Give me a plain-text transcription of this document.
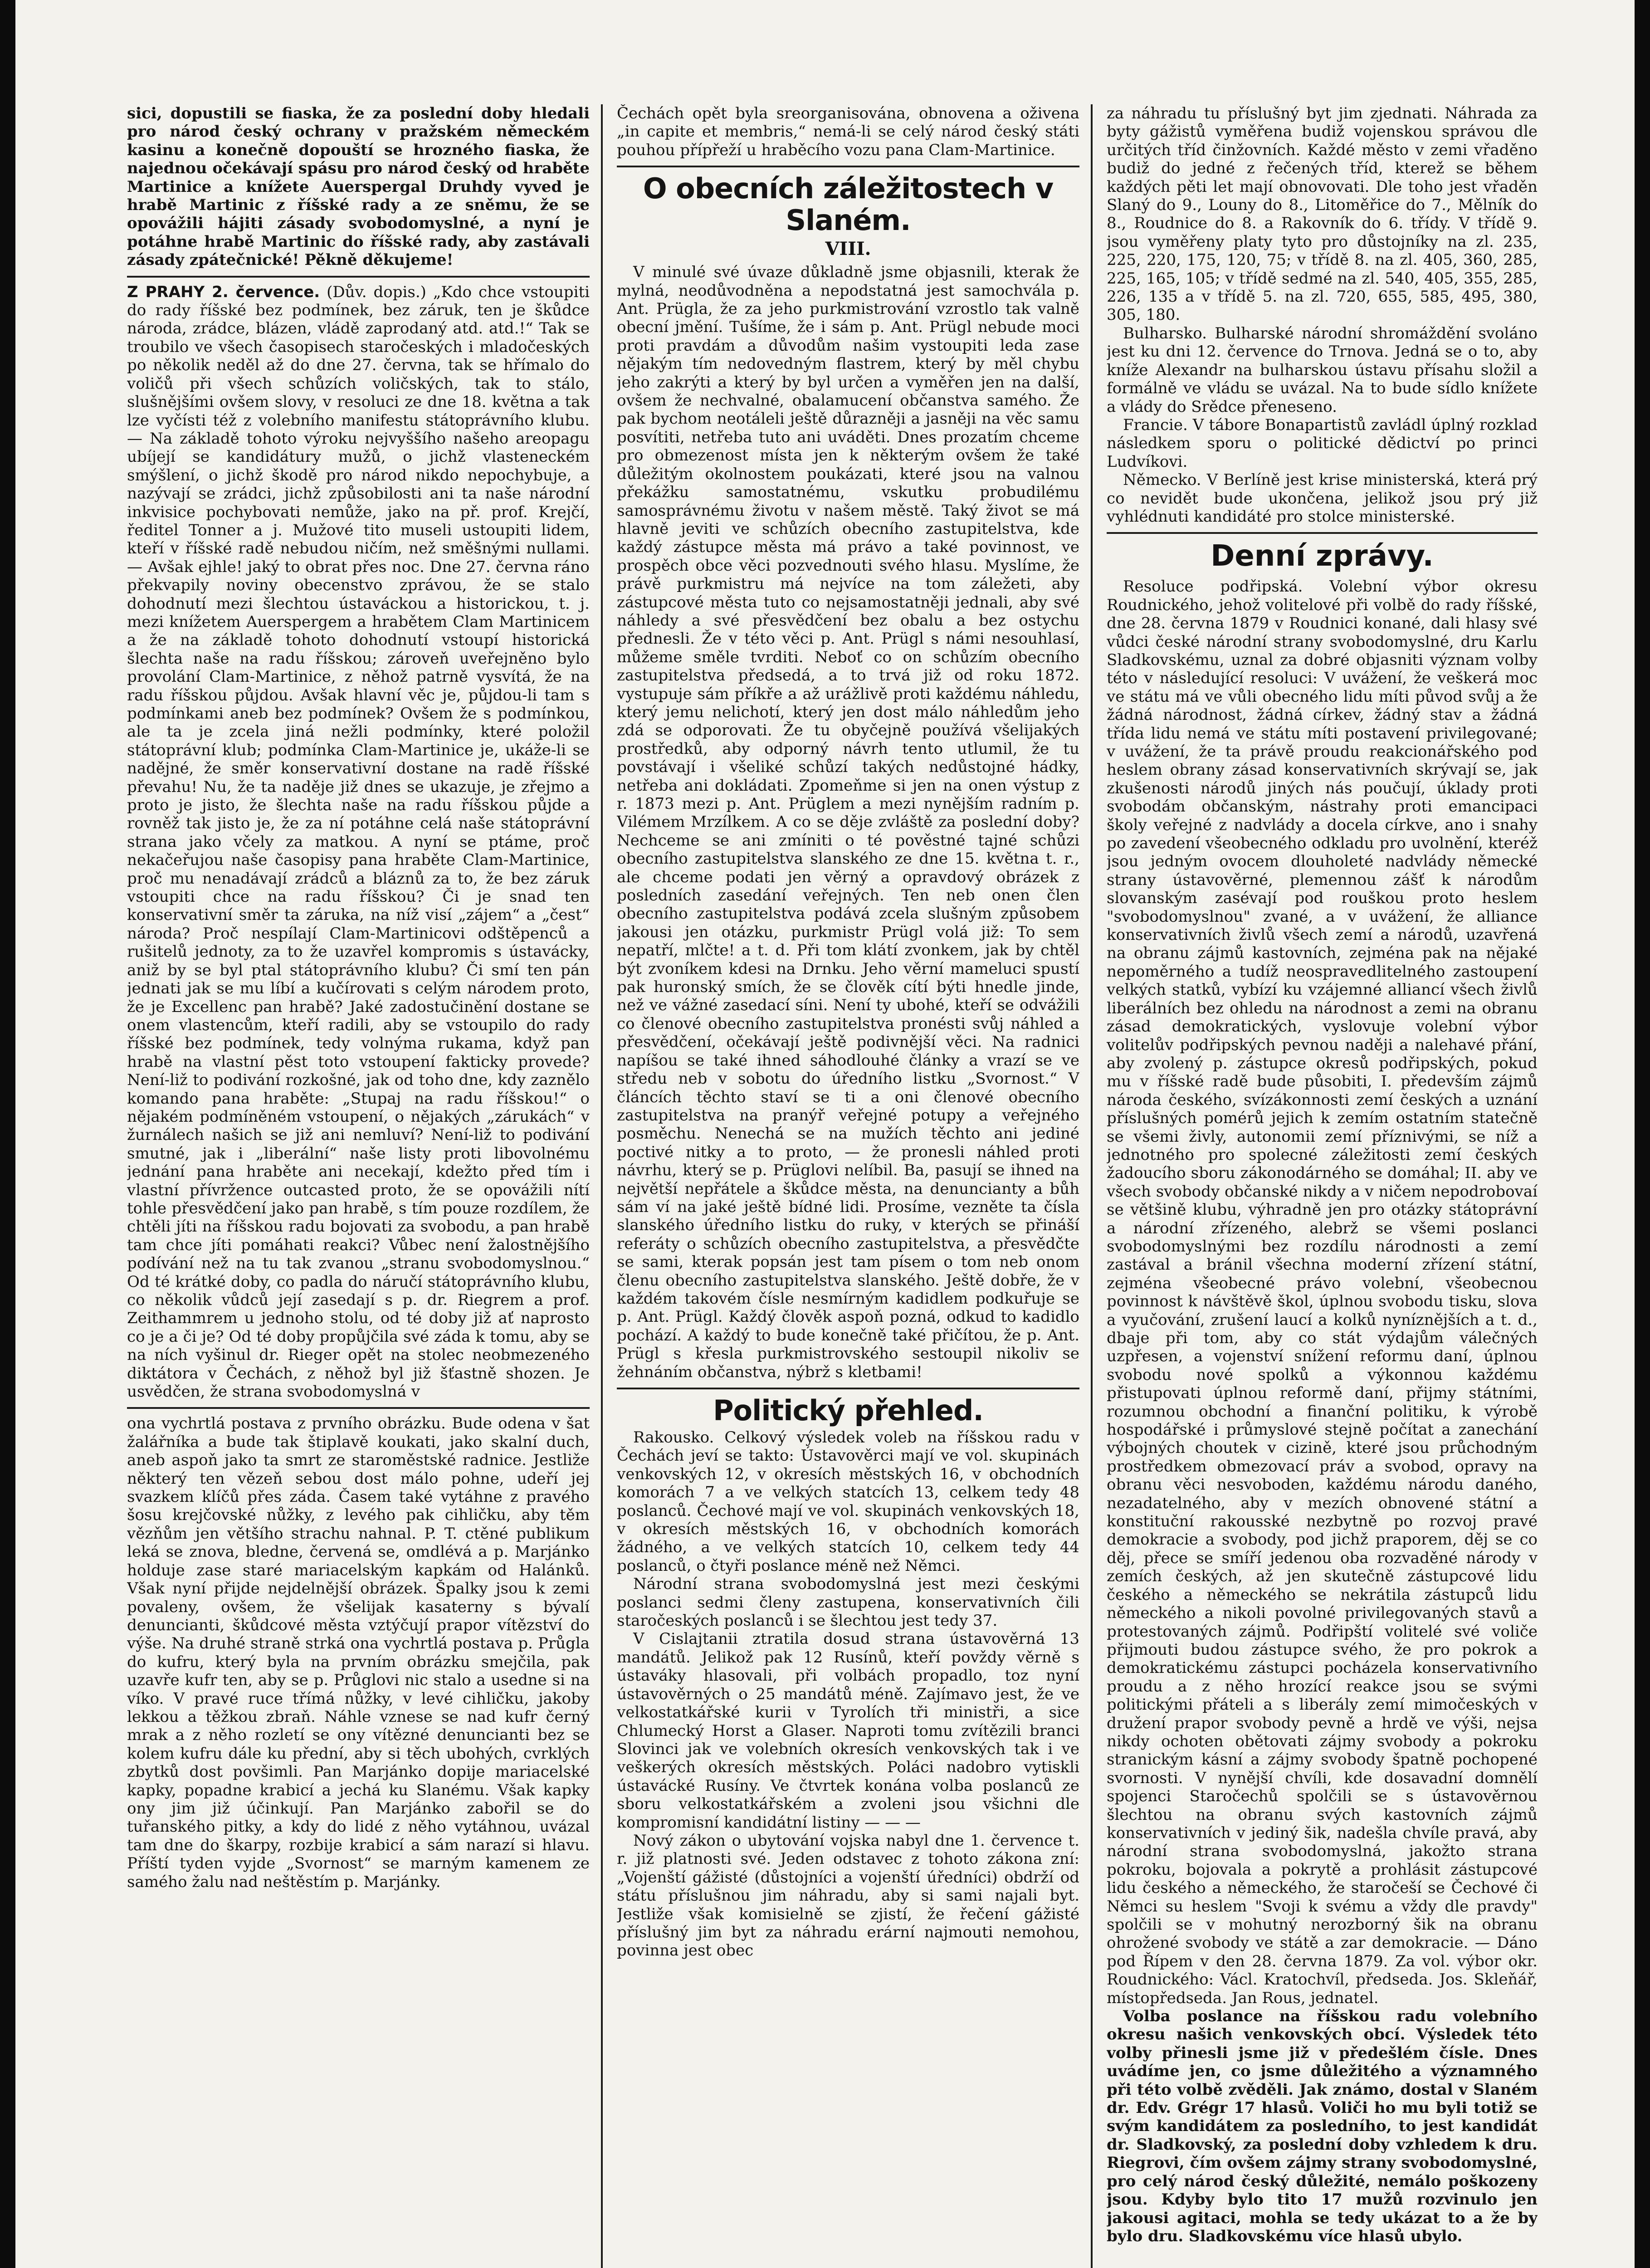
sici, dopustili se fiaska, že za poslední doby hledali pro národ český ochrany v pražském německém kasinu a konečně dopouští se hrozného fiaska, že najednou očekávají spásu pro národ český od hraběte Martinice a knížete Auerspergal Druhdy vyved je hrabě Martinic z říšské rady a ze sněmu, že se opovážili hájiti zásady svobodomyslné, a nyní je potáhne hrabě Martinic do říšské rady, aby zastávali zásady zpátečnické! Pěkně děkujeme!

Z PRAHY 2. července. (Dův. dopis.) „Kdo chce vstoupiti do rady říšské bez podmínek, bez záruk, ten je škůdce národa, zrádce, blázen, vládě zaprodaný atd. atd.!“ Tak se troubilo ve všech časopisech staročeských i mladočeských po několik neděl až do dne 27. června, tak se hřímalo do voličů při všech schůzích voličských, tak to stálo, slušnějšími ovšem slovy, v resoluci ze dne 18. května a tak lze vyčísti též z volebního manifestu státoprávního klubu. — Na základě tohoto výroku nejvyššího našeho areopagu ubíjejí se kandidátury mužů, o jichž vlasteneckém smýšlení, o jichž škodě pro národ nikdo nepochybuje, a nazývají se zrádci, jichž způsobilosti ani ta naše národní inkvisice pochybovati nemůže, jako na př. prof. Krejčí, ředitel Tonner a j. Mužové tito museli ustoupiti lidem, kteří v říšské radě nebudou ničím, než směšnými nullami. — Avšak ejhle! jaký to obrat přes noc. Dne 27. června ráno překvapily noviny obecenstvo zprávou, že se stalo dohodnutí mezi šlechtou ústaváckou a historickou, t. j. mezi knížetem Auerspergem a hrabětem Clam Martinicem a že na základě tohoto dohodnutí vstoupí historická šlechta naše na radu říšskou; zároveň uveřejněno bylo provolání Clam-Martinice, z něhož patrně vysvítá, že na radu říšskou půjdou. Avšak hlavní věc je, půjdou-li tam s podmínkami aneb bez podmínek? Ovšem že s podmínkou, ale ta je zcela jiná nežli podmínky, které položil státoprávní klub; podmínka Clam-Martinice je, ukáže-li se nadějné, že směr konservativní dostane na radě říšské převahu! Nu, že ta naděje již dnes se ukazuje, je zřejmo a proto je jisto, že šlechta naše na radu říšskou půjde a rovněž tak jisto je, že za ní potáhne celá naše státoprávní strana jako včely za matkou. A nyní se ptáme, proč nekačeřujou naše časopisy pana hraběte Clam-Martinice, proč mu nenadávají zrádců a bláznů za to, že bez záruk vstoupiti chce na radu říšskou? Či je snad ten konservativní směr ta záruka, na níž visí „zájem“ a „čest“ národa? Proč nespílají Clam-Martinicovi odštěpenců a rušitelů jednoty, za to že uzavřel kompromis s ústavácky, aniž by se byl ptal státoprávního klubu? Či smí ten pán jednati jak se mu líbí a kučírovati s celým národem proto, že je Excellenc pan hrabě? Jaké zadostučinění dostane se onem vlastencům, kteří radili, aby se vstoupilo do rady říšské bez podmínek, tedy volnýma rukama, když pan hrabě na vlastní pěst toto vstoupení fakticky provede? Není-liž to podivání rozkošné, jak od toho dne, kdy zaznělo komando pana hraběte: „Stupaj na radu říšskou!“ o nějakém podmíněném vstoupení, o nějakých „zárukách“ v žurnálech našich se již ani nemluví? Není-liž to podivání smutné, jak i „liberální“ naše listy proti libovolnému jednání pana hraběte ani necekají, kdežto před tím i vlastní přívržence outcasted proto, že se opovážili nítí tohle přesvědčení jako pan hrabě, s tím pouze rozdílem, že chtěli jíti na říšskou radu bojovati za svobodu, a pan hrabě tam chce jíti pomáhati reakci? Vůbec není žalostnějšího podívání než na tu tak zvanou „stranu svobodomyslnou.“ Od té krátké doby, co padla do náručí státoprávního klubu, co několik vůdců její zasedají s p. dr. Riegrem a prof. Zeithammrem u jednoho stolu, od té doby již ať naprosto co je a či je? Od té doby propůjčila své záda k tomu, aby se na ních vyšinul dr. Rieger opět na stolec neobmezeného diktátora v Čechách, z něhož byl již šťastně shozen. Je usvědčen, že strana svobodomyslná v

ona vychrtlá postava z prvního obrázku. Bude odena v šat žalářníka a bude tak štiplavě koukati, jako skalní duch, aneb aspoň jako ta smrt ze staroměstské radnice. Jestliže některý ten vězeň sebou dost málo pohne, udeří jej svazkem klíčů přes záda. Časem také vytáhne z pravého šosu krejčovské nůžky, z levého pak cihličku, aby těm vězňům jen většího strachu nahnal. P. T. ctěné publikum leká se znova, bledne, červená se, omdlévá a p. Marjánko holduje zase staré mariacelským kapkám od Halánků. Však nyní přijde nejdelnější obrázek. Špalky jsou k zemi povaleny, ovšem, že všelijak kasaterny s bývalí denuncianti, škůdcové města vztýčují prapor vítězství do výše. Na druhé straně strká ona vychrtlá postava p. Průgla do kufru, který byla na prvním obrázku smejčila, pak uzavře kufr ten, aby se p. Průglovi nic stalo a usedne si na víko. V pravé ruce třímá nůžky, v levé cihličku, jakoby lekkou a těžkou zbraň. Náhle vznese se nad kufr černý mrak a z něho rozletí se ony vítězné denuncianti bez se kolem kufru dále ku přední, aby si těch ubohých, cvrklých zbytků dost povšimli. Pan Marjánko dopije mariacelské kapky, popadne krabicí a jechá ku Slanému. Však kapky ony jim již účinkují. Pan Marjánko zabořil se do tuřanského pitky, a kdy do lidé z něho vytáhnou, uvázal tam dne do škarpy, rozbije krabicí a sám narazí si hlavu. Příští tyden vyjde „Svornost“ se marným kamenem ze samého žalu nad neštěstím p. Marjánky.

Čechách opět byla sreorganisována, obnovena a oživena „in capite et membris,“ nemá-li se celý národ český státi pouhou přípřeží u hraběcího vozu pana Clam-Martinice.

O obecních záležitostech v Slaném.
VIII.

V minulé své úvaze důkladně jsme objasnili, kterak že mylná, neodůvodněna a nepodstatná jest samochvála p. Ant. Prügla, že za jeho purkmistrování vzrostlo tak valně obecní jmění. Tušíme, že i sám p. Ant. Prügl nebude moci proti pravdám a důvodům našim vystoupiti leda zase nějakým tím nedovedným flastrem, který by měl chybu jeho zakrýti a který by byl určen a vyměřen jen na další, ovšem že nechvalné, obalamucení občanstva samého. Že pak bychom neotáleli ještě důrazněji a jasněji na věc samu posvítiti, netřeba tuto ani uváděti. Dnes prozatím chceme pro obmezenost místa jen k některým ovšem že také důležitým okolnostem poukázati, které jsou na valnou překážku samostatnému, vskutku probudilému samosprávnému životu v našem městě. Taký život se má hlavně jeviti ve schůzích obecního zastupitelstva, kde každý zástupce města má právo a také povinnost, ve prospěch obce věci pozvednouti svého hlasu. Myslíme, že právě purkmistru má nejvíce na tom záležeti, aby zástupcové města tuto co nejsamostatněji jednali, aby své náhledy a své přesvědčení bez obalu a bez ostychu přednesli. Že v této věci p. Ant. Prügl s námi nesouhlasí, můžeme směle tvrditi. Neboť co on schůzím obecního zastupitelstva předsedá, a to trvá již od roku 1872. vystupuje sám příkře a až urážlivě proti každému náhledu, který jemu nelichotí, který jen dost málo náhledům jeho zdá se odporovati. Že tu obyčejně používá všelijakých prostředků, aby odporný návrh tento utlumil, že tu povstávají i všeliké schůzí takých nedůstojné hádky, netřeba ani dokládati. Zpomeňme si jen na onen výstup z r. 1873 mezi p. Ant. Prüglem a mezi nynějším radním p. Vilémem Mrzílkem. A co se děje zvláště za poslední doby? Nechceme se ani zmíniti o té pověstné tajné schůzi obecního zastupitelstva slanského ze dne 15. května t. r., ale chceme podati jen věrný a opravdový obrázek z posledních zasedání veřejných. Ten neb onen člen obecního zastupitelstva podává zcela slušným způsobem jakousi jen otázku, purkmistr Prügl volá již: To sem nepatří, mlčte! a t. d. Při tom klátí zvonkem, jak by chtěl být zvoníkem kdesi na Drnku. Jeho věrní mameluci spustí pak huronský smích, že se člověk cítí býti hnedle jinde, než ve vážné zasedací síni. Není ty ubohé, kteří se odvážili co členové obecního zastupitelstva pronésti svůj náhled a přesvědčení, očekávají ještě podivnější věci. Na radnici napíšou se také ihned sáhodlouhé články a vrazí se ve středu neb v sobotu do úředního listku „Svornost.“ V článcích těchto staví se ti a oni členové obecního zastupitelstva na pranýř veřejné potupy a veřejného posměchu. Nenechá se na mužích těchto ani jediné poctivé nitky a to proto, — že pronesli náhled proti návrhu, který se p. Prüglovi nelíbil. Ba, pasují se ihned na největší nepřátele a škůdce města, na denuncianty a bůh sám ví na jaké ještě bídné lidi. Prosíme, vezněte ta čísla slanského úředního listku do ruky, v kterých se přináší referáty o schůzích obecního zastupitelstva, a přesvědčte se sami, kterak popsán jest tam písem o tom neb onom členu obecního zastupitelstva slanského. Ještě dobře, že v každém takovém čísle nesmírným kadidlem podkuřuje se p. Ant. Prügl. Každý člověk aspoň pozná, odkud to kadidlo pochází. A každý to bude konečně také přičítou, že p. Ant. Prügl s křesla purkmistrovského sestoupil nikoliv se žehnáním občanstva, nýbrž s kletbami!

Politický přehled.

Rakousko. Celkový výsledek voleb na říšskou radu v Čechách jeví se takto: Ústavověrci mají ve vol. skupinách venkovských 12, v okresích městských 16, v obchodních komorách 7 a ve velkých statcích 13, celkem tedy 48 poslanců. Čechové mají ve vol. skupinách venkovských 18, v okresích městských 16, v obchodních komorách žádného, a ve velkých statcích 10, celkem tedy 44 poslanců, o čtyři poslance méně než Němci.

Národní strana svobodomyslná jest mezi českými poslanci sedmi členy zastupena, konservativních čili staročeských poslanců i se šlechtou jest tedy 37.

V Cislajtanii ztratila dosud strana ústavověrná 13 mandátů. Jelikož pak 12 Rusínů, kteří povždy věrně s ústaváky hlasovali, při volbách propadlo, toz nyní ústavověrných o 25 mandátů méně. Zajímavo jest, že ve velkostatkářské kurii v Tyrolích tři ministři, a sice Chlumecký Horst a Glaser. Naproti tomu zvítězili branci Slovinci jak ve volebních okresích venkovských tak i ve veškerých okresích městských. Poláci nadobro vytiskli ústavácké Rusíny. Ve čtvrtek konána volba poslanců ze sboru velkostatkářském a zvoleni jsou všichni dle kompromisní kandidátní listiny — — —

Nový zákon o ubytování vojska nabyl dne 1. července t. r. již platnosti své. Jeden odstavec z tohoto zákona zní: „Vojenští gážisté (důstojníci a vojenští úředníci) obdrží od státu příslušnou jim náhradu, aby si sami najali byt. Jestliže však komisielně se zjistí, že řečení gážisté příslušný jim byt za náhradu erární najmouti nemohou, povinna jest obec

za náhradu tu příslušný byt jim zjednati. Náhrada za byty gážistů vyměřena budiž vojenskou správou dle určitých tříd činžovních. Každé město v zemi vřaděno budiž do jedné z řečených tříd, kterež se během každých pěti let mají obnovovati. Dle toho jest vřaděn Slaný do 9., Louny do 8., Litoměřice do 7., Mělník do 8., Roudnice do 8. a Rakovník do 6. třídy. V třídě 9. jsou vyměřeny platy tyto pro důstojníky na zl. 235, 225, 220, 175, 120, 75; v třídě 8. na zl. 405, 360, 285, 225, 165, 105; v třídě sedmé na zl. 540, 405, 355, 285, 226, 135 a v třídě 5. na zl. 720, 655, 585, 495, 380, 305, 180.

Bulharsko. Bulharské národní shromáždění svoláno jest ku dni 12. července do Trnova. Jedná se o to, aby kníže Alexandr na bulharskou ústavu přísahu složil a formálně ve vládu se uvázal. Na to bude sídlo knížete a vlády do Srědce přeneseno.

Francie. V tábore Bonapartistů zavládl úplný rozklad následkem sporu o politické dědictví po princi Ludvíkovi.

Německo. V Berlíně jest krise ministerská, která prý co nevidět bude ukončena, jelikož jsou prý již vyhlédnuti kandidáté pro stolce ministerské.

Denní zprávy.

Resoluce podřipská. Volební výbor okresu Roudnického, jehož volitelové při volbě do rady říšské, dne 28. června 1879 v Roudnici konané, dali hlasy své vůdci české národní strany svobodomyslné, dru Karlu Sladkovskému, uznal za dobré objasniti význam volby této v následující resoluci: V uvážení, že veškerá moc ve státu má ve vůli obecného lidu míti původ svůj a že žádná národnost, žádná církev, žádný stav a žádná třída lidu nemá ve státu míti postavení privilegované; v uvážení, že ta právě proudu reakcionářského pod heslem obrany zásad konservativních skrývají se, jak zkušenosti národů jiných nás poučují, úklady proti svobodám občanským, nástrahy proti emancipaci školy veřejné z nadvlády a docela církve, ano i snahy po zavedení všeobecného odkladu pro uvolnění, kteréž jsou jedným ovocem dlouholeté nadvlády německé strany ústavověrné, plemennou zášť k národům slovanským zasévají pod rouškou proto heslem "svobodomyslnou" zvané, a v uvážení, že alliance konservativních živlů všech zemí a národů, uzavřená na obranu zájmů kastovních, zejména pak na nějaké nepoměrného a tudíž neospravedlitelného zastoupení velkých statků, vybízí ku vzájemné alliancí všech živlů liberálních bez ohledu na národnost a zemi na obranu zásad demokratických, vyslovuje volební výbor volitelův podřipských pevnou naději a nalehavé přání, aby zvolený p. zástupce okresů podřipských, pokud mu v říšské radě bude působiti, I. především zájmů národa českého, svízákonnosti zemí českých a uznání příslušných pomérů jejich k zemím ostatním statečně se všemi živly, autonomii zemí příznivými, se níž a jednotného pro spolecné záležitosti zemí českých žadoucího sboru zákonodárného se domáhal; II. aby ve všech svobody občanské nikdy a v ničem nepodrobovaí se většině klubu, výhradně jen pro otázky státoprávní a národní zřízeného, alebrž se všemi poslanci svobodomyslnými bez rozdílu národnosti a zemí zastával a bránil všechna moderní zřízení státní, zejména všeobecné právo volební, všeobecnou povinnost k návštěvě škol, úplnou svobodu tisku, slova a vyučování, zrušení laucí a kolků nyníznějších a t. d., dbaje při tom, aby co stát výdajům válečných uzpřesen, a vojenství snížení reformu daní, úplnou svobodu nové spolků a výkonnou každému přistupovati úplnou reformě daní, přijmy státními, rozumnou obchodní a finanční politiku, k výrobě hospodářské i průmyslové stejně počítat a zanechání výbojných choutek v cizině, které jsou průchodným prostředkem obmezovací práv a svobod, opravy na obranu věci nesvoboden, každému národu daného, nezadatelného, aby v mezích obnovené státní a konstituční rakousské nezbytně po rozvoj pravé demokracie a svobody, pod jichž praporem, děj se co děj, přece se smíří jedenou oba rozvaděné národy v zemích českých, až jen skutečně zástupcové lidu českého a německého se nekrátila zástupců lidu německého a nikoli povolné privilegovaných stavů a protestovaných zájmů. Podřipští volitelé své voliče přijmouti budou zástupce svého, že pro pokrok a demokratickému zástupci pocházela konservativního proudu a z něho hrozící reakce jsou se svými politickými přáteli a s liberály zemí mimočeských v družení prapor svobody pevně a hrdě ve výši, nejsa nikdy ochoten obětovati zájmy svobody a pokroku stranickým kásní a zájmy svobody špatně pochopené svornosti. V nynější chvíli, kde dosavadní domnělí spojenci Staročechů spolčili se s ústavověrnou šlechtou na obranu svých kastovních zájmů konservativních v jediný šik, nadešla chvíle pravá, aby národní strana svobodomyslná, jakožto strana pokroku, bojovala a pokrytě a prohlásit zástupcové lidu českého a německého, že staročeší se Čechové či Němci su heslem "Svoji k svému a vždy dle pravdy" spolčili se v mohutný nerozborný šik na obranu ohrožené svobody ve státě a zar demokracie. — Dáno pod Řípem v den 28. června 1879. Za vol. výbor okr. Roudnického: Václ. Kratochvíl, předseda. Jos. Skleňář, místopředseda. Jan Rous, jednatel.

Volba poslance na říšskou radu volebního okresu našich venkovských obcí. Výsledek této volby přinesli jsme již v předešlém čísle. Dnes uvádíme jen, co jsme důležitého a významného při této volbě zvěděli. Jak známo, dostal v Slaném dr. Edv. Grégr 17 hlasů. Voliči ho mu byli totiž se svým kandidátem za posledního, to jest kandidát dr. Sladkovský, za poslední doby vzhledem k dru. Riegrovi, čím ovšem zájmy strany svobodomyslné, pro celý národ český důležité, nemálo poškozeny jsou. Kdyby bylo tito 17 mužů rozvinulo jen jakousi agitaci, mohla se tedy ukázat to a že by bylo dru. Sladkovskému více hlasů ubylo.
